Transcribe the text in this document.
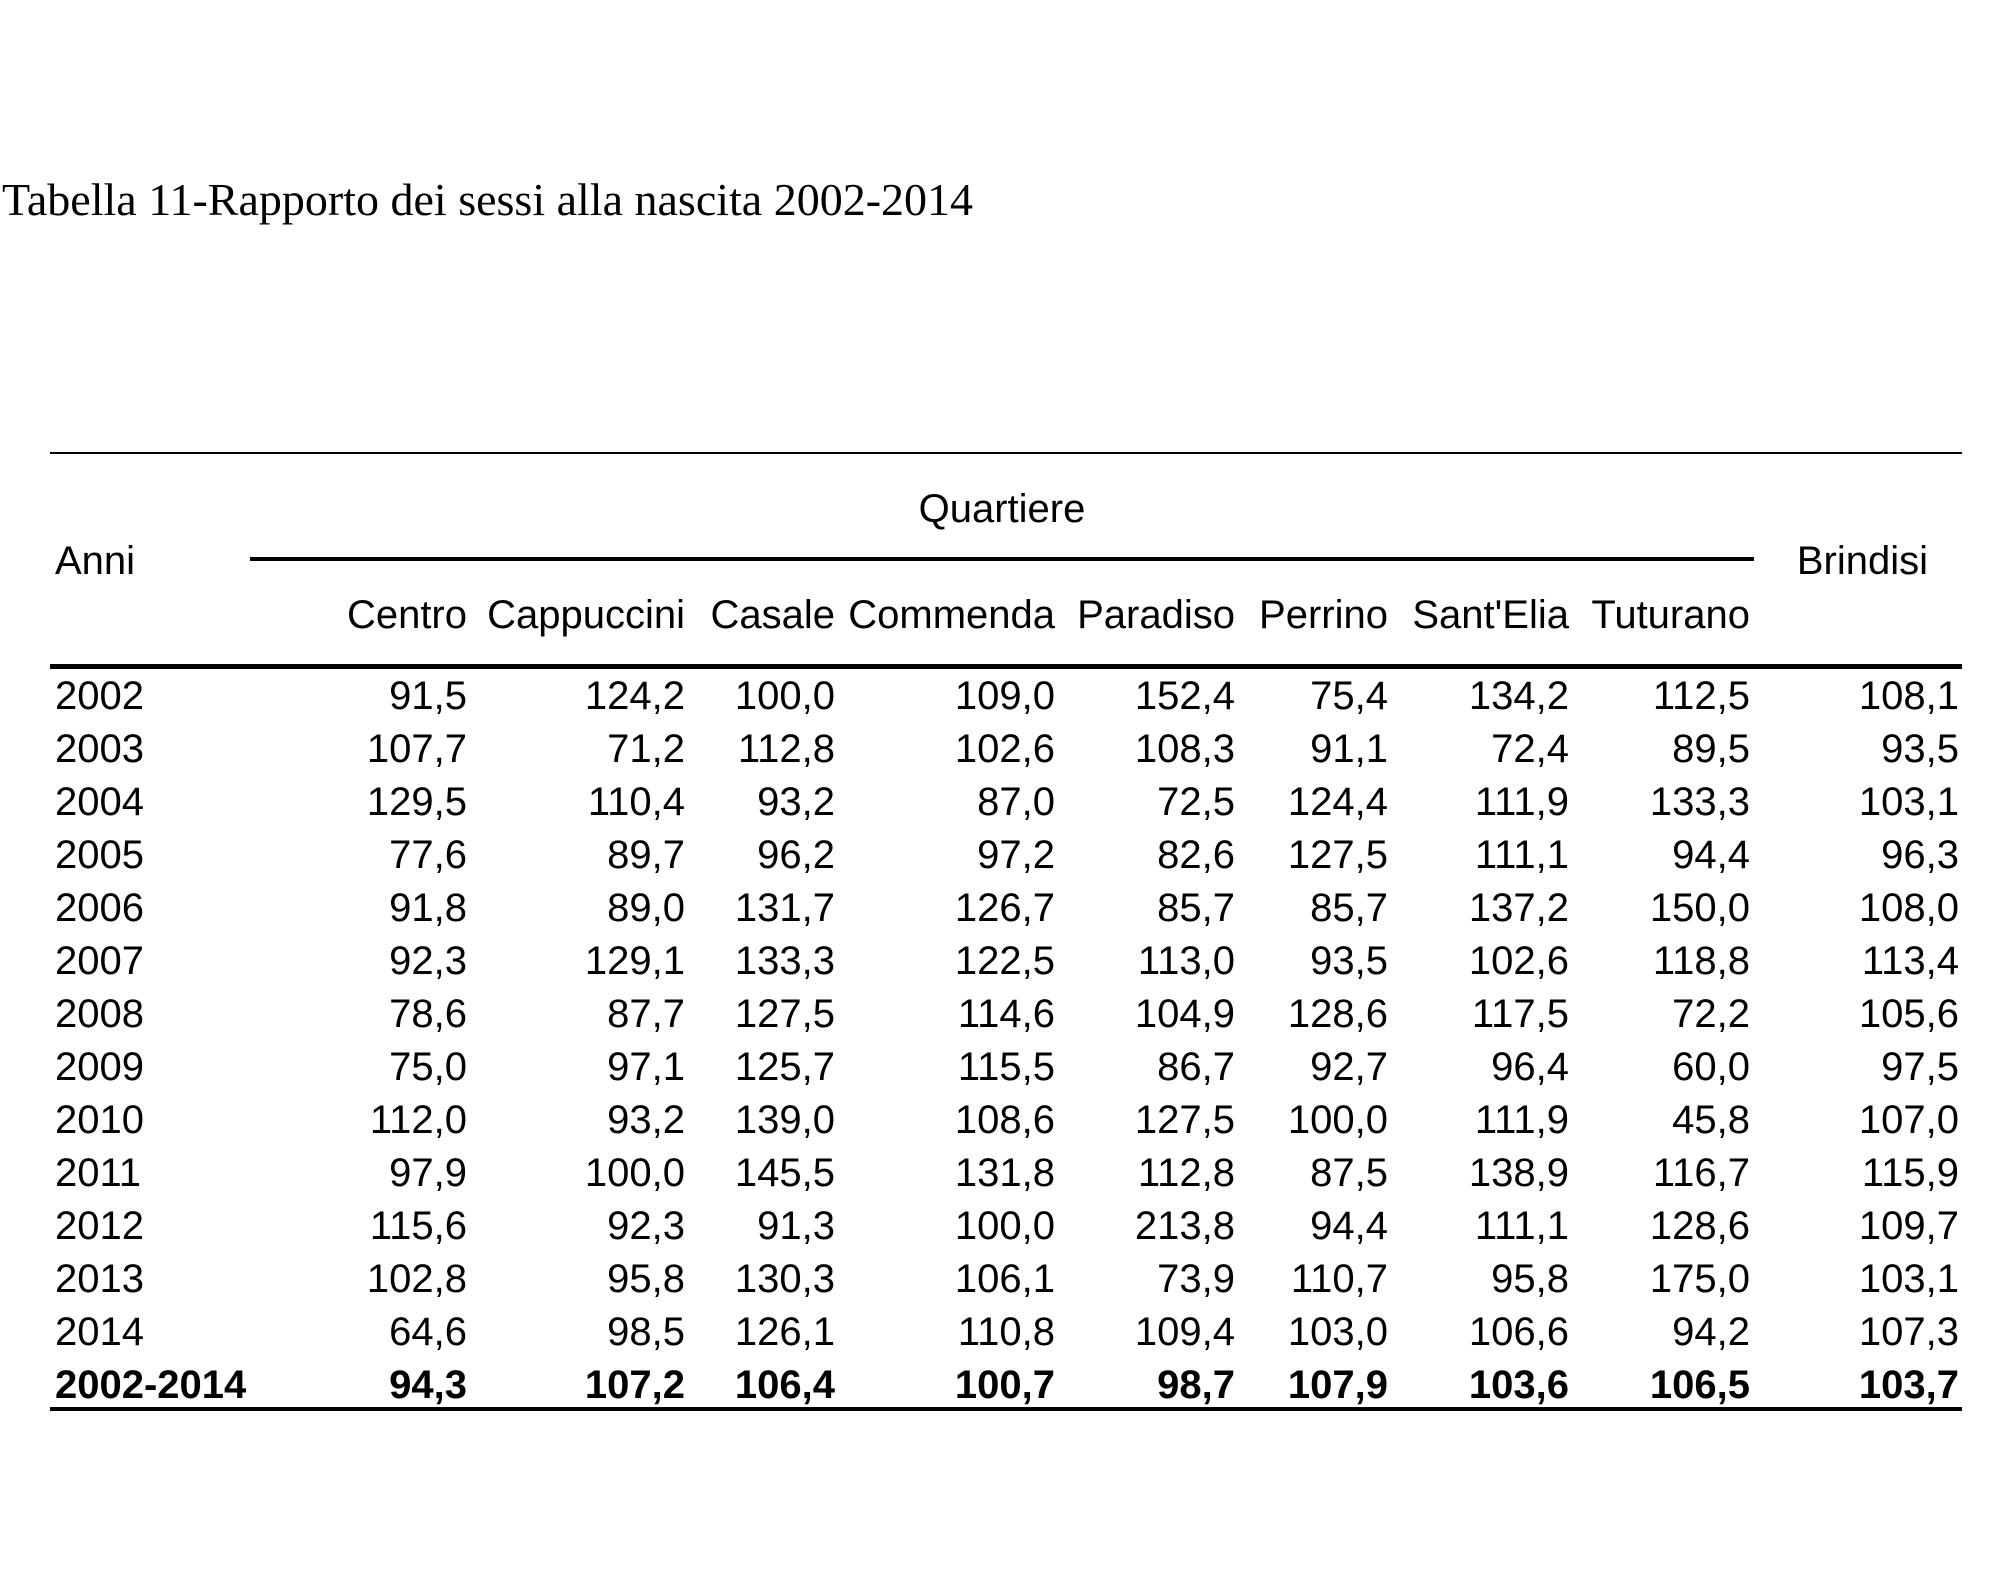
Tabella 11-Rapporto dei sessi alla nascita 2002-2014
Anni
Quartiere
Brindisi
Centro Cappuccini Casale Commenda Paradiso Perrino Sant'Elia Tuturano
2002	91,5	124,2	100,0	109,0	152,4	75,4	134,2	112,5	108,1
2003	107,7	71,2	112,8	102,6	108,3	91,1	72,4	89,5	93,5
2004	129,5	110,4	93,2	87,0	72,5	124,4	111,9	133,3	103,1
2005	77,6	89,7	96,2	97,2	82,6	127,5	111,1	94,4	96,3
2006	91,8	89,0	131,7	126,7	85,7	85,7	137,2	150,0	108,0
2007	92,3	129,1	133,3	122,5	113,0	93,5	102,6	118,8	113,4
2008	78,6	87,7	127,5	114,6	104,9	128,6	117,5	72,2	105,6
2009	75,0	97,1	125,7	115,5	86,7	92,7	96,4	60,0	97,5
2010	112,0	93,2	139,0	108,6	127,5	100,0	111,9	45,8	107,0
2011	97,9	100,0	145,5	131,8	112,8	87,5	138,9	116,7	115,9
2012	115,6	92,3	91,3	100,0	213,8	94,4	111,1	128,6	109,7
2013	102,8	95,8	130,3	106,1	73,9	110,7	95,8	175,0	103,1
2014	64,6	98,5	126,1	110,8	109,4	103,0	106,6	94,2	107,3
2002-2014	94,3	107,2	106,4	100,7	98,7	107,9	103,6	106,5	103,7
